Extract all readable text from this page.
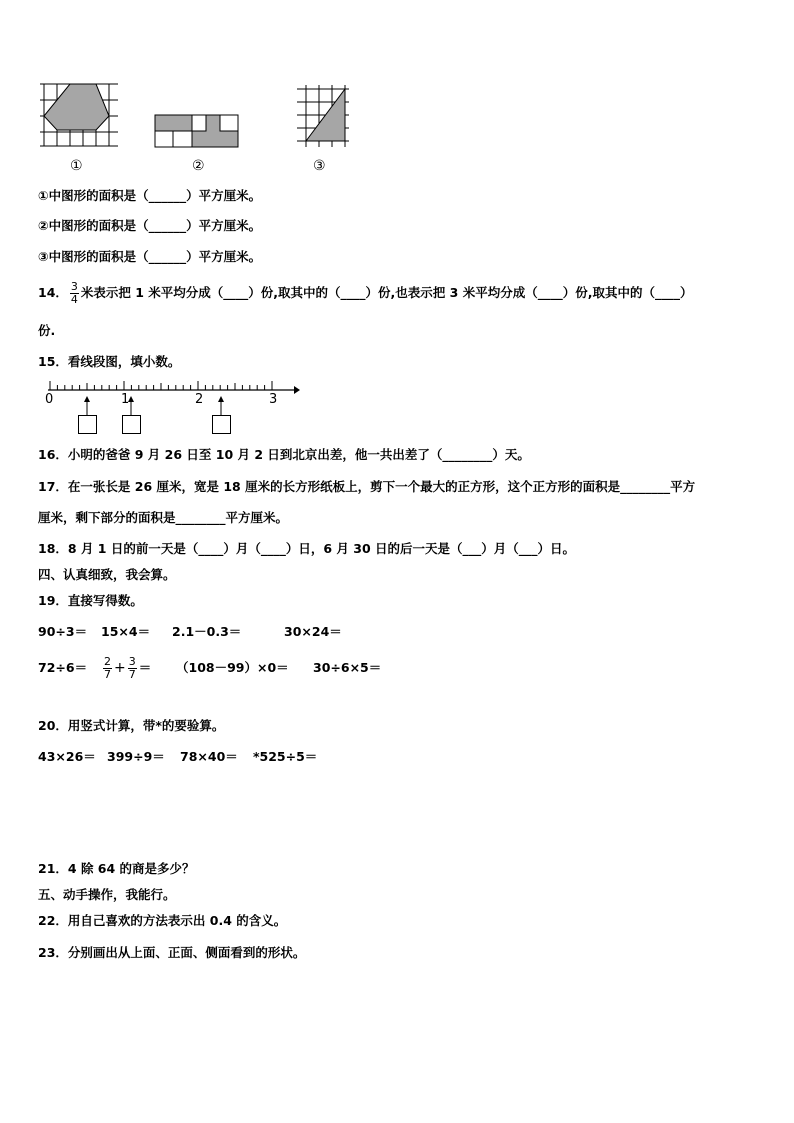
①	②	③
①中图形的面积是（______）平方厘米。
②中图形的面积是（______）平方厘米。
③中图形的面积是（______）平方厘米。
14． $\frac{3}{4}$ 米表示把 1 米平均分成（____）份,取其中的（____）份,也表示把 3 米平均分成（____）份,取其中的（____）
份.
15．看线段图，填小数。
0	1	2	3
16．小明的爸爸 9 月 26 日至 10 月 2 日到北京出差，他一共出差了（________）天。
17．在一张长是 26 厘米，宽是 18 厘米的长方形纸板上，剪下一个最大的正方形，这个正方形的面积是________平方
厘米，剩下部分的面积是________平方厘米。
18．8 月 1 日的前一天是（____）月（____）日，6 月 30 日的后一天是（___）月（___）日。
四、认真细致，我会算。
19．直接写得数。
90÷3＝ 15×4＝ 2.1－0.3＝	30×24＝
$72\div 6= \frac{2}{7} + \frac{3}{7} = (108-99)\times 0= 30\div 6\times 5=$
20．用竖式计算，带*的要验算。
43×26＝ 399÷9＝ 78×40＝ *525÷5＝
21．4 除 64 的商是多少？
五、动手操作，我能行。
22．用自己喜欢的方法表示出 0.4 的含义。
23．分别画出从上面、正面、侧面看到的形状。
